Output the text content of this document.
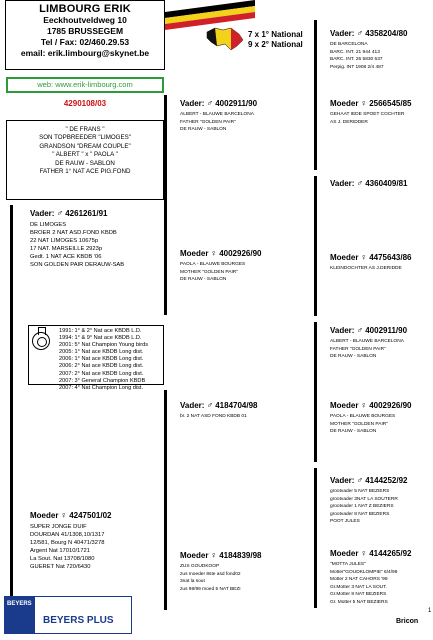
LIMBOURG ERIK
Eeckhoutveldweg 10
1785 BRUSSEGEM
Tel / Fax: 02/460.29.53
email: erik.limbourg@skynet.be
7 x 1° National
9 x 2° National
web: www.erik-limbourg.com
4290108/03
" DE FRANS "
SON TOPBREEDER "LIMOGES"
GRANDSON "DREAM COUPLE"
" ALBERT " x " PAOLA "
DE RAUW - SABLON
FATHER 1° NAT ACE PIG.FOND
Vader: ♂ 4261261/91
DE LIMOGES
BROER 2 NAT ASD.FOND KBDB
22 NAT LIMOGES 10675p
17 NAT. MARSEILLE 2923p
Gedt. 1 NAT ACE KBDB '06
SON GOLDEN PAIR DERAUW-SAB
1991: 1° & 2° Nat ace KBDB L.D.
1994: 1° & 9° Nat ace KBDB L.D.
2001: 5° Nat Champion Young birds
2005: 1° Nat ace KBDB Long dist.
2006: 1° Nat ace KBDB Long dist.
2006: 2° Nat ace KBDB Long dist.
2007: 2° Nat ace KBDB Long dist.
2007: 3° General Champion KBDB
2007: 4° Nat Champion Long dist.
Moeder ♀ 4247501/02
SUPER JONGE DUIF
DOURDAN 41/1308,10/1317
12/581, Bourg N 40471/3278
Argent Nat 17010/1721
La Sout. Nat 13708/1080
GUERET Nat 720/6430
Vader: ♂ 4002911/90
ALBERT - BLAUWE BARCELONA
FATHER "GOLDEN PAIR"
DE RAUW - SABLON
Moeder ♀ 4002926/90
PAOLA - BLAUWE BOURGES
MOTHER "GOLDEN PAIR"
DE RAUW - SABLON
Vader: ♂ 4184704/98
br. 2 NAT ASD FOND KBDB 01
Moeder ♀ 4184839/98
ZUS GOUDKOOP
zus moeder 8ste asd fond02
3nat la sout
zus 98/99 moed 5 NAT BEZI
Vader: ♂ 4358204/80
DE BARCELONA
BARC. INT. 21 944 413
BARC. INT. 25 5830 537
Perpig. INT 1908 2/4 487
Moeder ♀ 2566545/85
GEHAAT IEDE SPOET COCHTER
AS J. DERIDDER
Vader: ♂ 4360409/81
Moeder ♀ 4475643/86
KLEINDOCHTER AS J.DERIDDE
Vader: ♂ 4002911/90
ALBERT - BLAUWE BARCELONA
FATHER "GOLDEN PAIR"
DE RAUW - SABLON
Moeder ♀ 4002926/90
PAOLA - BLAUWE BOURGES
MOTHER "GOLDEN PAIR"
DE RAUW - SABLON
Vader: ♂ 4144252/92
grootvader 5 NAT BEZIERS
grootvader 3NAT LA SOUTERR
grootvader 1 NAT Z BEZIERS
grootvader 8 NAT BEZIERS
POOT JULES
Moeder ♀ 4144265/92
"MOTTA JULES"
Motter"GOUDKLOMPIE" 6/4/98
Motter 2 NAT CAHORS '99
Gr.Motter 3 NAT LA SOUT.
Gr.Motter 8 NAT BEZIERS
Gr. Motter 5 NAT BEZIERS
BEYERS
BEYERS PLUS	Bricon
1
